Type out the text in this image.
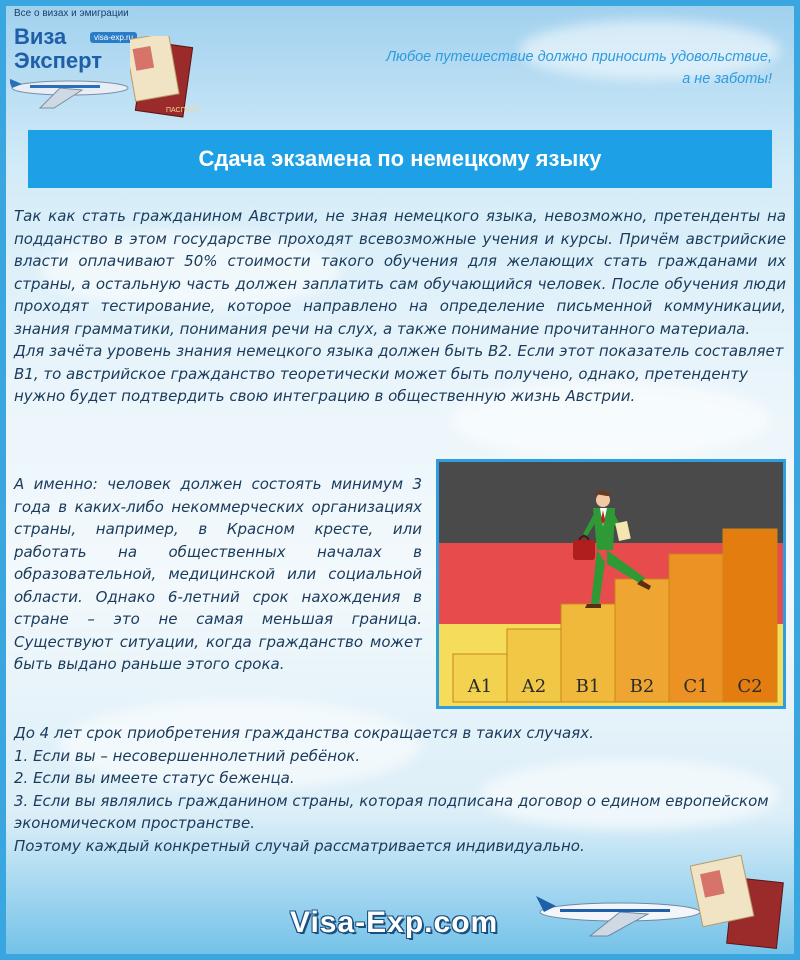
Все о визах и эмиграции
Виза
Эксперт
visa-exp.ru
ПАСПОРТ
Любое путешествие должно приносить удовольствие,
а не заботы!
Сдача экзамена по немецкому языку

Так как стать гражданином Австрии, не зная немецкого языка, невозможно, претенденты на подданство в этом государстве проходят всевозможные учения и курсы. Причём австрийские власти оплачивают 50% стоимости такого обучения для желающих стать гражданами их страны, а остальную часть должен заплатить сам обучающийся человек. После обучения люди проходят тестирование, которое направлено на определение письменной коммуникации, знания грамматики, понимания речи на слух, а также понимание прочитанного материала.

Для зачёта уровень знания немецкого языка должен быть B2. Если этот показатель составляет B1, то австрийское гражданство теоретически может быть получено, однако, претенденту нужно будет подтвердить свою интеграцию в общественную жизнь Австрии.

А именно: человек должен состоять минимум 3 года в каких-либо некоммерческих организациях страны, например, в Красном кресте, или работать на общественных началах в образовательной, медицинской или социальной области. Однако 6-летний срок нахождения в стране – это не самая меньшая граница. Существуют ситуации, когда гражданство может быть выдано раньше этого срока.
A1 A2 B1 B2 C1 C2
До 4 лет срок приобретения гражданства сокращается в таких случаях.
1. Если вы – несовершеннолетний ребёнок.
2. Если вы имеете статус беженца.
3. Если вы являлись гражданином страны, которая подписана договор о едином европейском экономическом пространстве.
Поэтому каждый конкретный случай рассматривается индивидуально.
Visa-Exp.com
